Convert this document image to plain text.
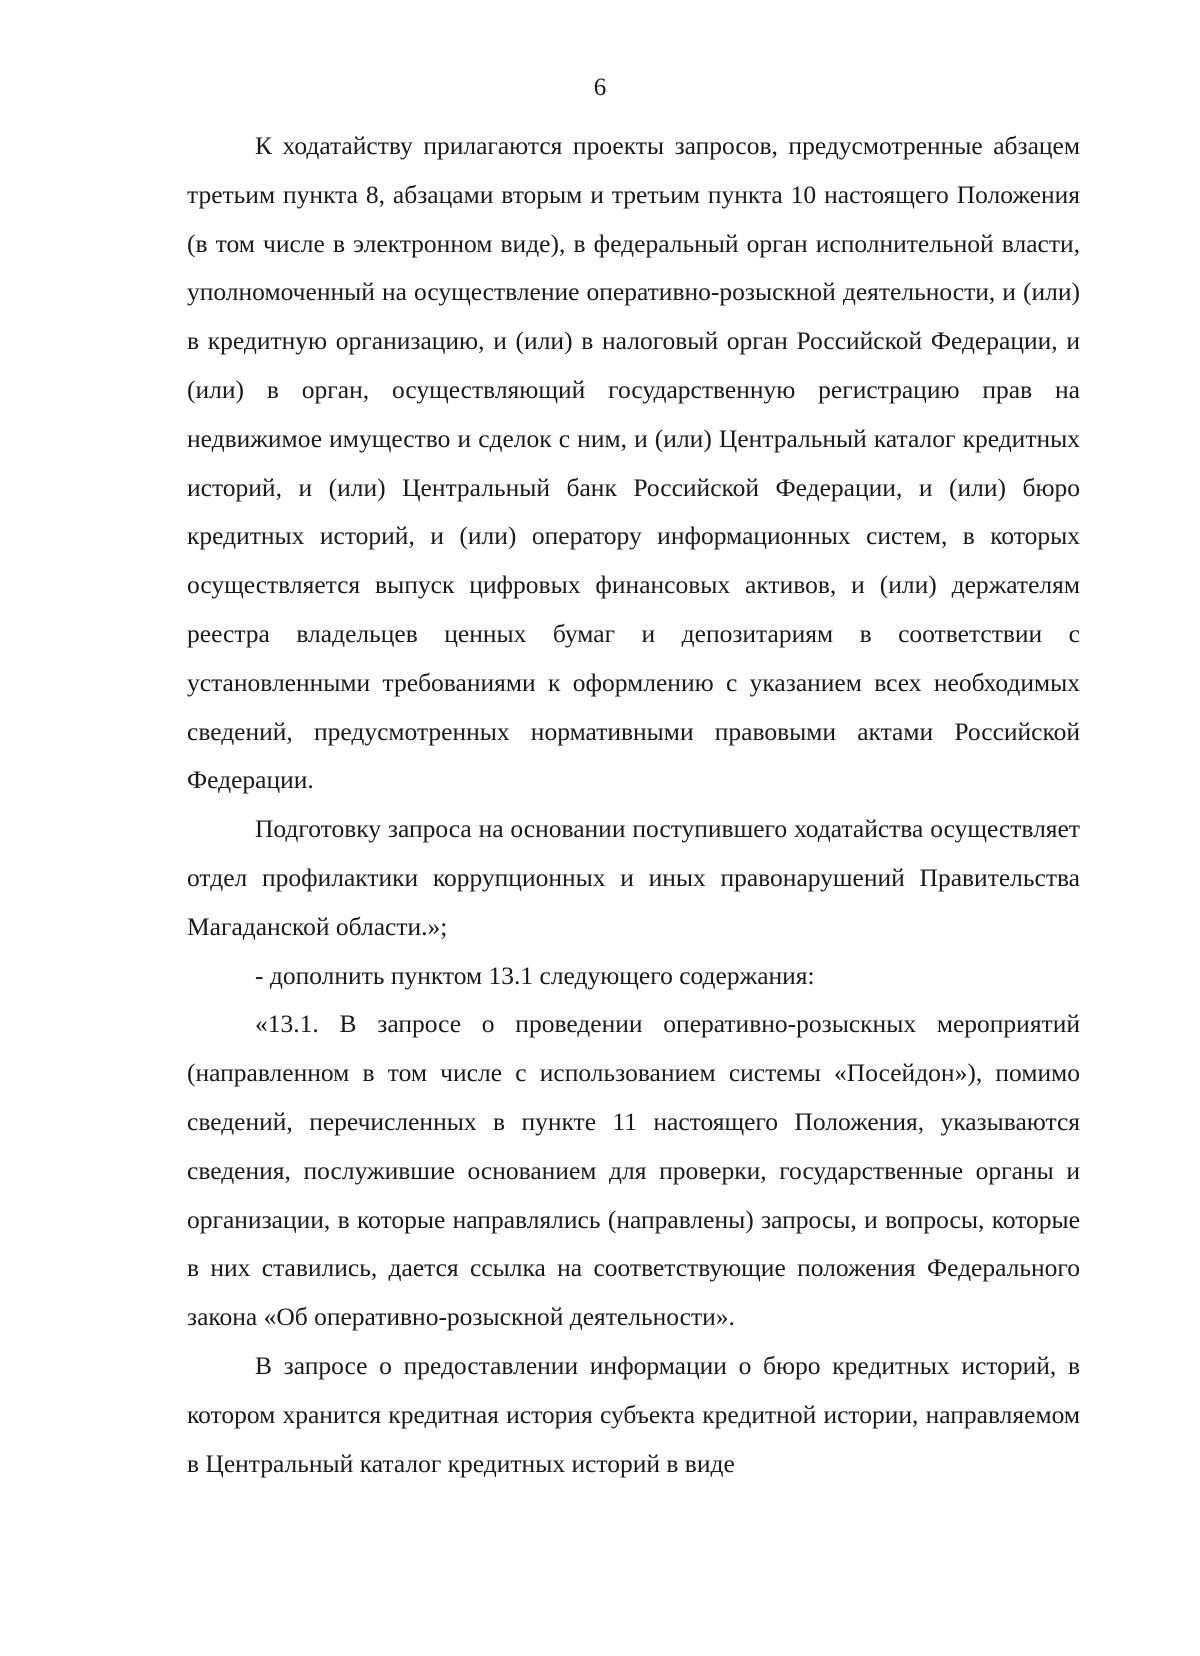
6

К ходатайству прилагаются проекты запросов, предусмотренные абзацем третьим пункта 8, абзацами вторым и третьим пункта 10 настоящего Положения (в том числе в электронном виде), в федеральный орган исполнительной власти, уполномоченный на осуществление оперативно-розыскной деятельности, и (или) в кредитную организацию, и (или) в налоговый орган Российской Федерации, и (или) в орган, осуществляющий государственную регистрацию прав на недвижимое имущество и сделок с ним, и (или) Центральный каталог кредитных историй, и (или) Центральный банк Российской Федерации, и (или) бюро кредитных историй, и (или) оператору информационных систем, в которых осуществляется выпуск цифровых финансовых активов, и (или) держателям реестра владельцев ценных бумаг и депозитариям в соответствии с установленными требованиями к оформлению с указанием всех необходимых сведений, предусмотренных нормативными правовыми актами Российской Федерации.

Подготовку запроса на основании поступившего ходатайства осуществляет отдел профилактики коррупционных и иных правонарушений Правительства Магаданской области.»;

- дополнить пунктом 13.1 следующего содержания:

«13.1. В запросе о проведении оперативно-розыскных мероприятий (направленном в том числе с использованием системы «Посейдон»), помимо сведений, перечисленных в пункте 11 настоящего Положения, указываются сведения, послужившие основанием для проверки, государственные органы и организации, в которые направлялись (направлены) запросы, и вопросы, которые в них ставились, дается ссылка на соответствующие положения Федерального закона «Об оперативно-розыскной деятельности».

В запросе о предоставлении информации о бюро кредитных историй, в котором хранится кредитная история субъекта кредитной истории, направляемом в Центральный каталог кредитных историй в виде
